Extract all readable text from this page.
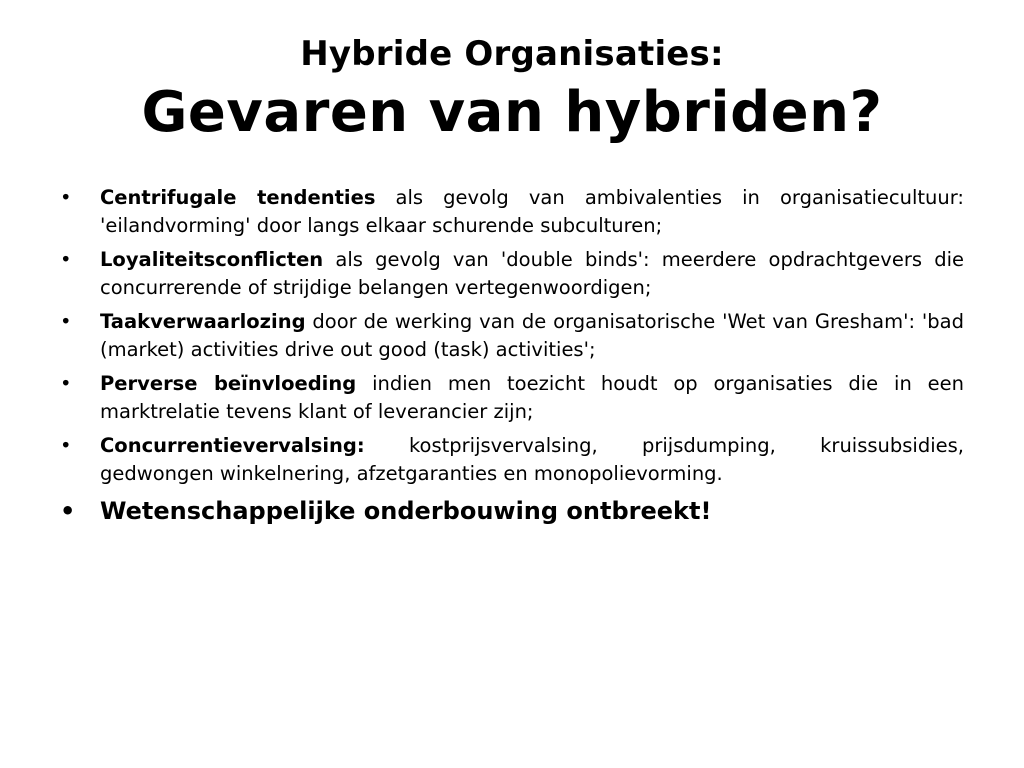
Hybride Organisaties:
Gevaren van hybriden?
•	Centrifugale tendenties als gevolg van ambivalenties in organisatiecultuur: 'eilandvorming' door langs elkaar schurende subculturen;
•	Loyaliteitsconflicten als gevolg van 'double binds': meerdere opdrachtgevers die concurrerende of strijdige belangen vertegenwoordigen;
•	Taakverwaarlozing door de werking van de organisatorische 'Wet van Gresham': 'bad (market) activities drive out good (task) activities';
•	Perverse beïnvloeding indien men toezicht houdt op organisaties die in een marktrelatie tevens klant of leverancier zijn;
•	Concurrentievervalsing: kostprijsvervalsing, prijsdumping, kruissubsidies, gedwongen winkelnering, afzetgaranties en monopolievorming.
• Wetenschappelijke onderbouwing ontbreekt!
